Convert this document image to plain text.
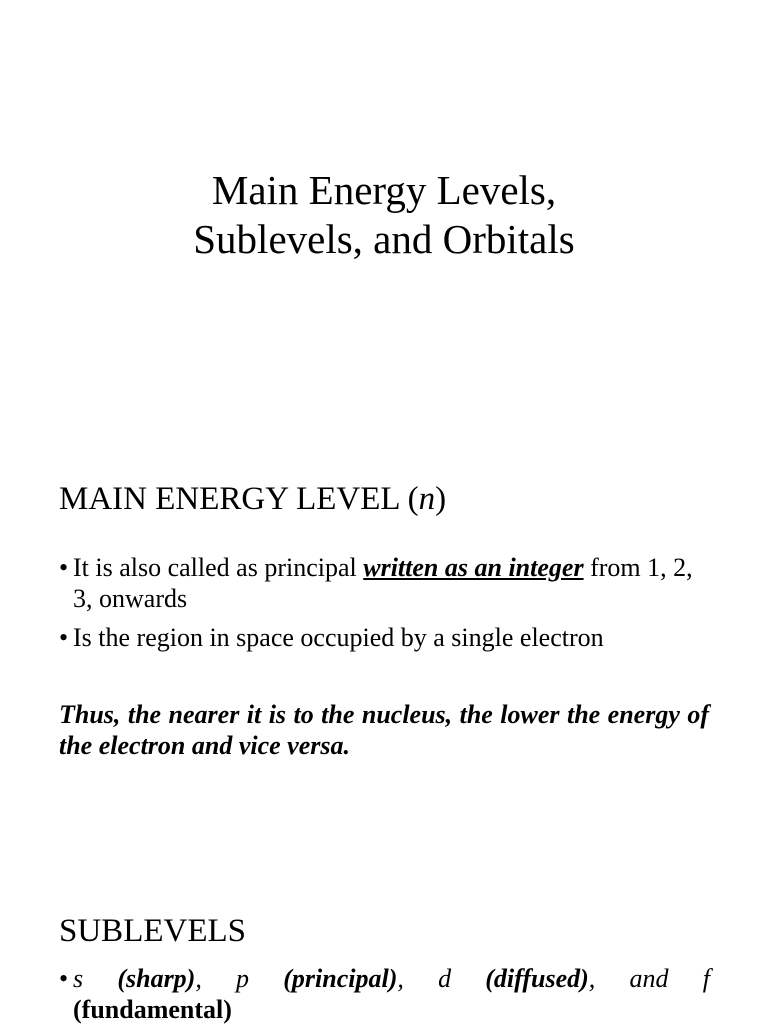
Main Energy Levels,
Sublevels, and Orbitals
MAIN ENERGY LEVEL (n)
• It is also called as principal written as an integer from 1, 2, 3, onwards
• Is the region in space occupied by a single electron

Thus, the nearer it is to the nucleus, the lower the energy of the electron and vice versa.

SUBLEVELS
• s (sharp), p (principal), d (diffused), and f
(fundamental)
